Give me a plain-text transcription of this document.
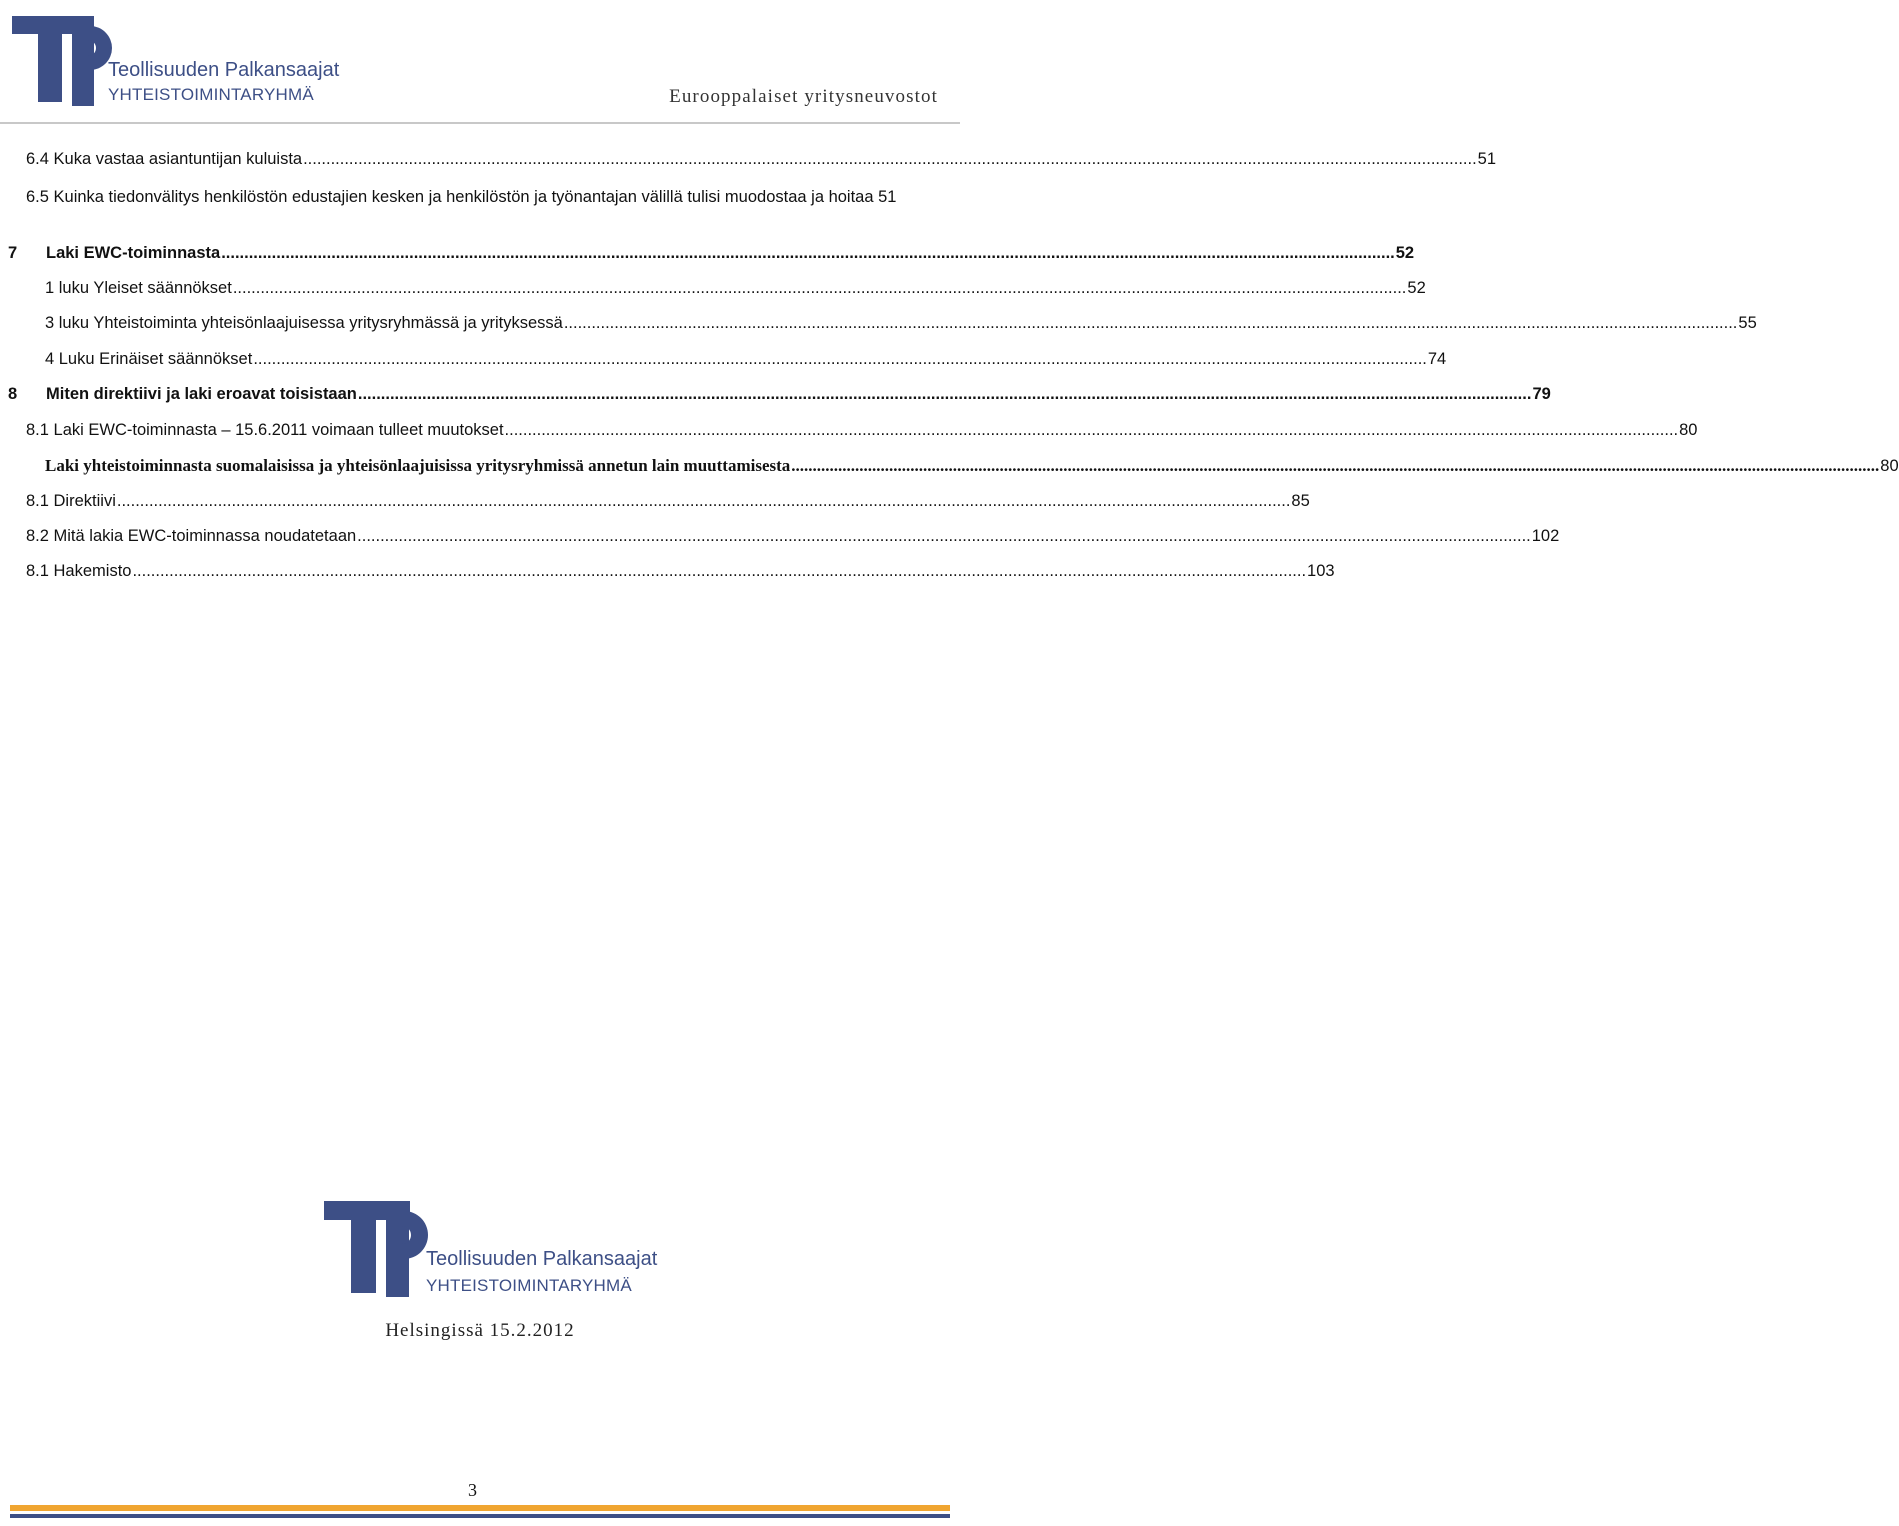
Teollisuuden Palkansaajat
YHTEISTOIMINTARYHMÄ	Eurooppalaiset yritysneuvostot
6.4 Kuka vastaa asiantuntijan kuluista .....	51
6.5 Kuinka tiedonvälitys henkilöstön edustajien kesken ja henkilöstön ja työnantajan välillä tulisi muodostaa ja hoitaa 51
7	Laki EWC-toiminnasta .....	52
1 luku Yleiset säännökset .....	52
3 luku Yhteistoiminta yhteisönlaajuisessa yritysryhmässä ja yrityksessä .....	55
4 Luku Erinäiset säännökset .....	74
8	Miten direktiivi ja laki eroavat toisistaan .....	79
8.1 Laki EWC-toiminnasta – 15.6.2011 voimaan tulleet muutokset .....	80
Laki yhteistoiminnasta suomalaisissa ja yhteisönlaajuisissa yritysryhmissä annetun lain muuttamisesta .....	80
8.1 Direktiivi .....	85
8.2 Mitä lakia EWC-toiminnassa noudatetaan .....	102
8.1 Hakemisto .....	103
Teollisuuden Palkansaajat
YHTEISTOIMINTARYHMÄ
Helsingissä 15.2.2012
3
